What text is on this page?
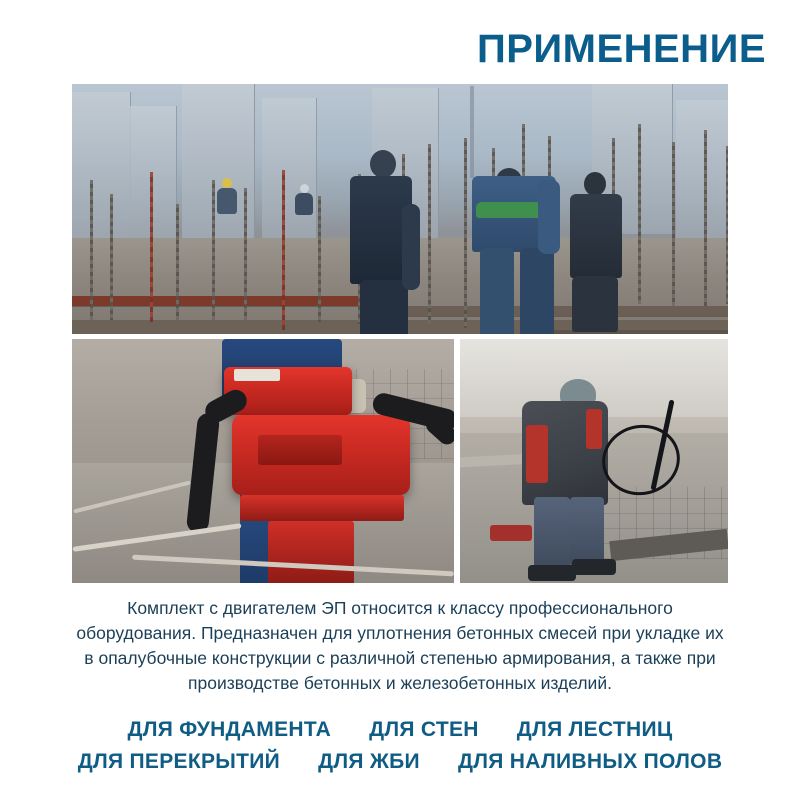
ПРИМЕНЕНИЕ
Комплект с двигателем ЭП относится к классу профессионального оборудования. Предназначен для уплотнения бетонных смесей при укладке их в опалубочные конструкции с различной степенью армирования, а также при производстве бетонных и железобетонных изделий.
ДЛЯ ФУНДАМЕНТА ДЛЯ СТЕН ДЛЯ ЛЕСТНИЦ
ДЛЯ ПЕРЕКРЫТИЙ ДЛЯ ЖБИ ДЛЯ НАЛИВНЫХ ПОЛОВ
